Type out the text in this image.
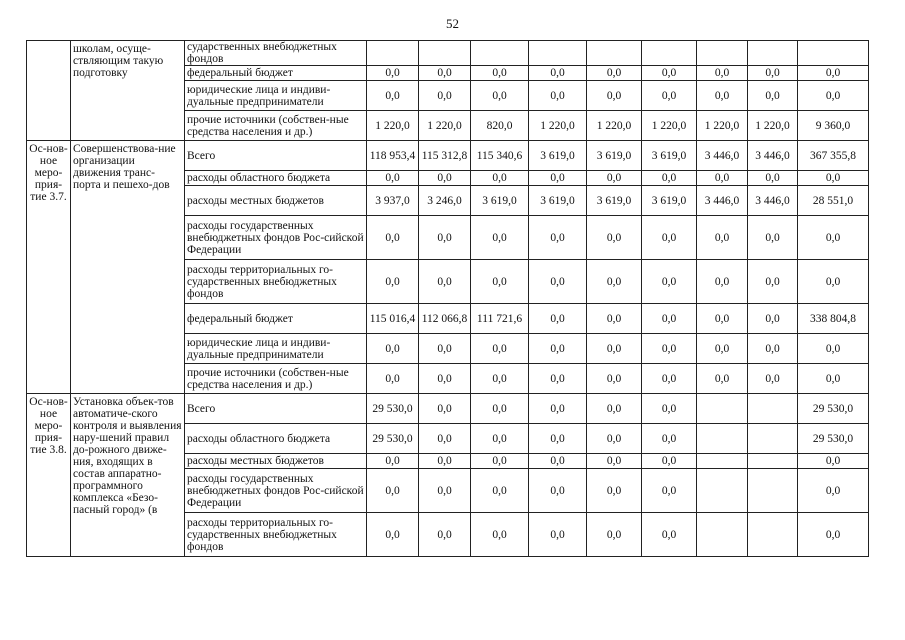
52
	школам, осуще-ствляющим такую подготовку	сударственных внебюджетных фондов									
		федеральный бюджет	0,0	0,0	0,0	0,0	0,0	0,0	0,0	0,0	0,0
		юридические лица и индиви-дуальные предприниматели	0,0	0,0	0,0	0,0	0,0	0,0	0,0	0,0	0,0
		прочие источники (собствен-ные средства населения и др.)	1 220,0	1 220,0	820,0	1 220,0	1 220,0	1 220,0	1 220,0	1 220,0	9 360,0
Ос-нов-ное меро-прия-тие 3.7.	Совершенствова-ние организации движения транс-порта и пешехо-дов	Всего	118 953,4	115 312,8	115 340,6	3 619,0	3 619,0	3 619,0	3 446,0	3 446,0	367 355,8
		расходы областного бюджета	0,0	0,0	0,0	0,0	0,0	0,0	0,0	0,0	0,0
		расходы местных бюджетов	3 937,0	3 246,0	3 619,0	3 619,0	3 619,0	3 619,0	3 446,0	3 446,0	28 551,0
		расходы государственных внебюджетных фондов Рос-сийской Федерации	0,0	0,0	0,0	0,0	0,0	0,0	0,0	0,0	0,0
		расходы территориальных го-сударственных внебюджетных фондов	0,0	0,0	0,0	0,0	0,0	0,0	0,0	0,0	0,0
		федеральный бюджет	115 016,4	112 066,8	111 721,6	0,0	0,0	0,0	0,0	0,0	338 804,8
		юридические лица и индиви-дуальные предприниматели	0,0	0,0	0,0	0,0	0,0	0,0	0,0	0,0	0,0
		прочие источники (собствен-ные средства населения и др.)	0,0	0,0	0,0	0,0	0,0	0,0	0,0	0,0	0,0
Ос-нов-ное меро-прия-тие 3.8.	Установка объек-тов автоматиче-ского контроля и выявления нару-шений правил до-рожного движе-ния, входящих в состав аппаратно-программного комплекса «Безо-пасный город» (в	Всего	29 530,0	0,0	0,0	0,0	0,0	0,0			29 530,0
		расходы областного бюджета	29 530,0	0,0	0,0	0,0	0,0	0,0			29 530,0
		расходы местных бюджетов	0,0	0,0	0,0	0,0	0,0	0,0			0,0
		расходы государственных внебюджетных фондов Рос-сийской Федерации	0,0	0,0	0,0	0,0	0,0	0,0			0,0
		расходы территориальных го-сударственных внебюджетных фондов	0,0	0,0	0,0	0,0	0,0	0,0			0,0
